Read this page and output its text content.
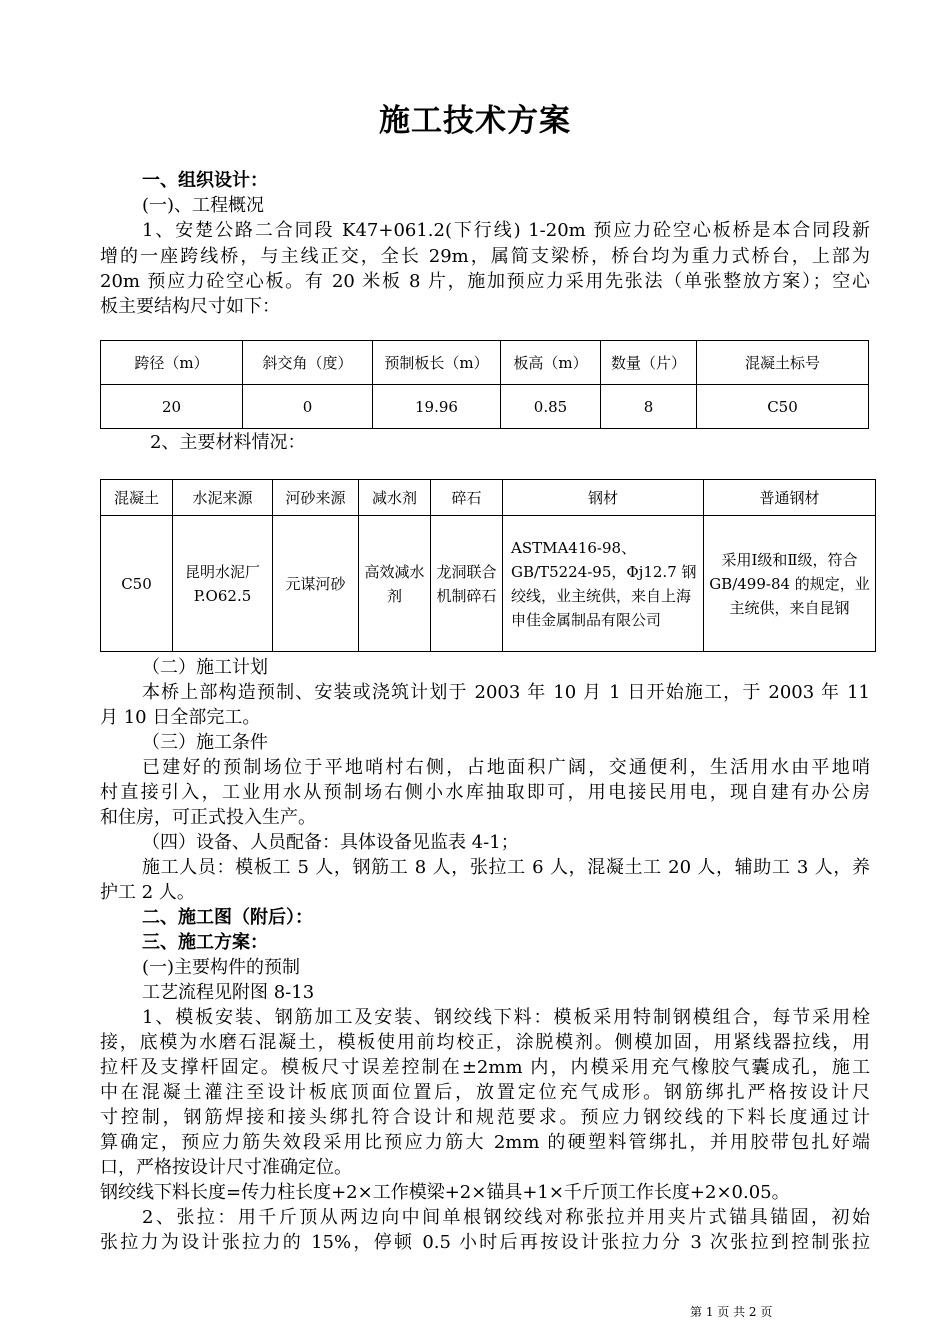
施工技术方案
一、组织设计：
(一)、工程概况
1、安楚公路二合同段 K47+061.2(下行线) 1-20m 预应力砼空心板桥是本合同段新
增的一座跨线桥，与主线正交，全长 29m，属简支梁桥，桥台均为重力式桥台，上部为
20m 预应力砼空心板。有 20 米板 8 片，施加预应力采用先张法（单张整放方案）；空心
板主要结构尺寸如下：
跨径（m）	斜交角（度）	预制板长（m）	板高（m）	数量（片）	混凝土标号
20	0	19.96	0.85	8	C50
2、主要材料情况：
混凝土	水泥来源	河砂来源	减水剂	碎石	钢材	普通钢材
C50	昆明水泥厂 P.O62.5	元谋河砂	高效减水剂	龙洞联合机制碎石	ASTMA416-98、GB/T5224-95，Φj12.7 钢绞线，业主统供，来自上海申佳金属制品有限公司	采用Ⅰ级和Ⅱ级，符合 GB/499-84 的规定，业主统供，来自昆钢
（二）施工计划
本桥上部构造预制、安装或浇筑计划于 2003 年 10 月 1 日开始施工，于 2003 年 11
月 10 日全部完工。
（三）施工条件
已建好的预制场位于平地哨村右侧，占地面积广阔，交通便利，生活用水由平地哨
村直接引入，工业用水从预制场右侧小水库抽取即可，用电接民用电，现自建有办公房
和住房，可正式投入生产。
（四）设备、人员配备：具体设备见监表 4-1；
施工人员：模板工 5 人，钢筋工 8 人，张拉工 6 人，混凝土工 20 人，辅助工 3 人，养
护工 2 人。
二、施工图（附后）：
三、施工方案：
(一)主要构件的预制
工艺流程见附图 8-13
1、模板安装、钢筋加工及安装、钢绞线下料：模板采用特制钢模组合，每节采用栓
接，底模为水磨石混凝土，模板使用前均校正，涂脱模剂。侧模加固，用紧线器拉线，用
拉杆及支撑杆固定。模板尺寸误差控制在±2mm 内，内模采用充气橡胶气囊成孔，施工
中在混凝土灌注至设计板底顶面位置后，放置定位充气成形。钢筋绑扎严格按设计尺
寸控制，钢筋焊接和接头绑扎符合设计和规范要求。预应力钢绞线的下料长度通过计
算确定，预应力筋失效段采用比预应力筋大 2mm 的硬塑料管绑扎，并用胶带包扎好端
口，严格按设计尺寸准确定位。
钢绞线下料长度=传力柱长度+2×工作模梁+2×锚具+1×千斤顶工作长度+2×0.05。
2、张拉：用千斤顶从两边向中间单根钢绞线对称张拉并用夹片式锚具锚固，初始
张拉力为设计张拉力的 15%，停顿 0.5 小时后再按设计张拉力分 3 次张拉到控制张拉
第 1 页 共 2 页
